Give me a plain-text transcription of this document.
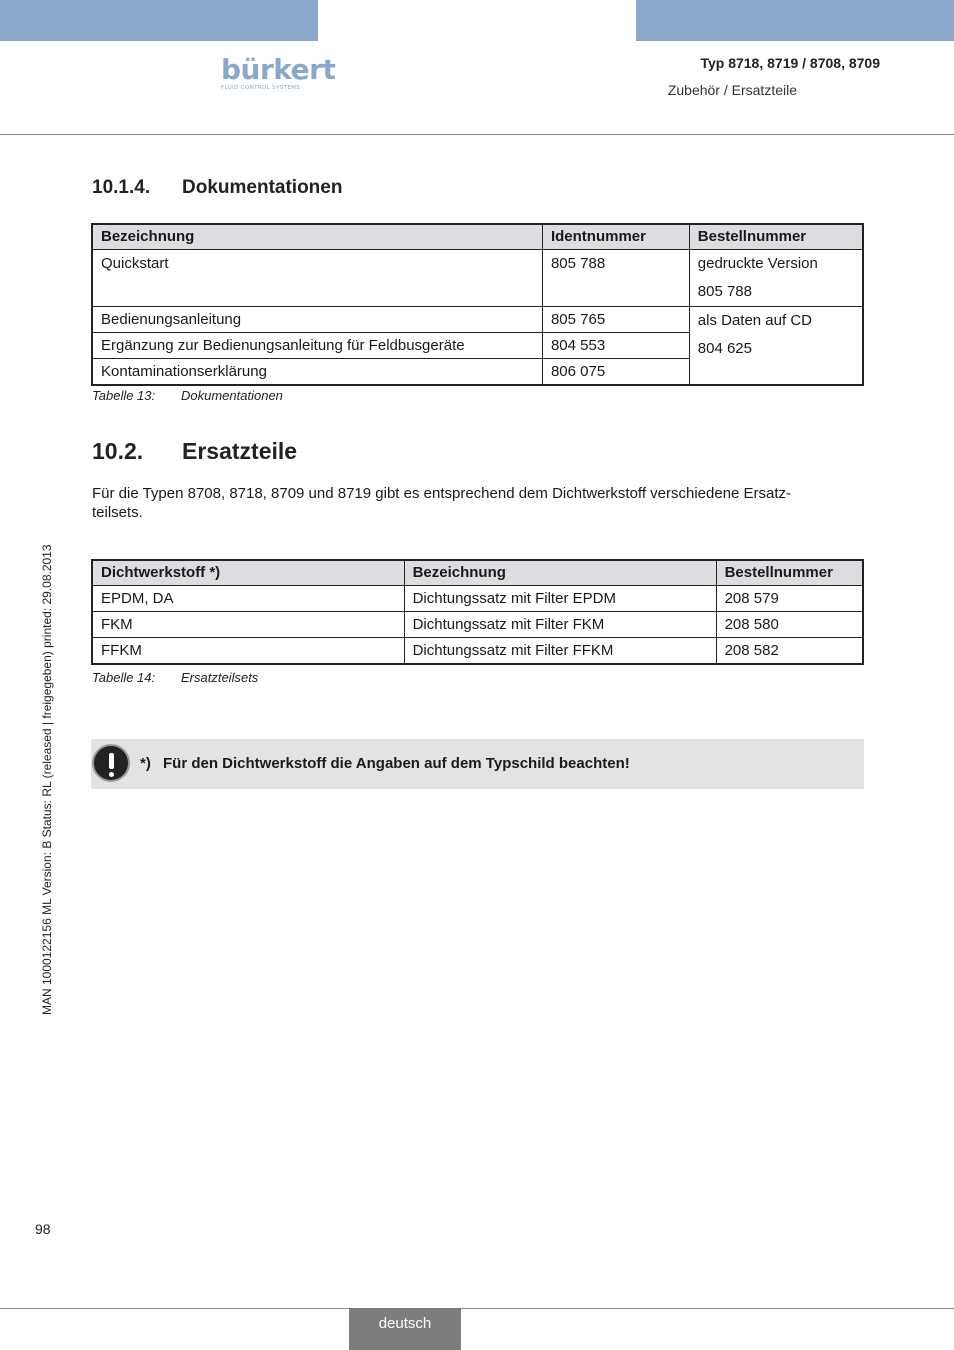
bürkert
FLUID CONTROL SYSTEMS
Typ 8718, 8719 / 8708, 8709
Zubehör / Ersatzteile
10.1.4. Dokumentationen
Bezeichnung	Identnummer	Bestellnummer
Quickstart	805 788	gedruckte Version
805 788

Bedienungsanleitung	805 765	als Daten auf CD
804 625

Ergänzung zur Bedienungsanleitung für Feldbusgeräte	804 553	
Kontaminationserklärung	806 075	
Tabelle 13: Dokumentationen
10.2. Ersatzteile
Für die Typen 8708, 8718, 8709 und 8719 gibt es entsprechend dem Dichtwerkstoff verschiedene Ersatz-
teilsets.
Dichtwerkstoff *)	Bezeichnung	Bestellnummer
EPDM, DA	Dichtungssatz mit Filter EPDM	208 579
FKM	Dichtungssatz mit Filter FKM	208 580
FFKM	Dichtungssatz mit Filter FFKM	208 582
Tabelle 14: Ersatzteilsets
*) Für den Dichtwerkstoff die Angaben auf dem Typschild beachten!
MAN 1000122156 ML Version: B Status: RL (released | freigegeben) printed: 29.08.2013
98
deutsch
